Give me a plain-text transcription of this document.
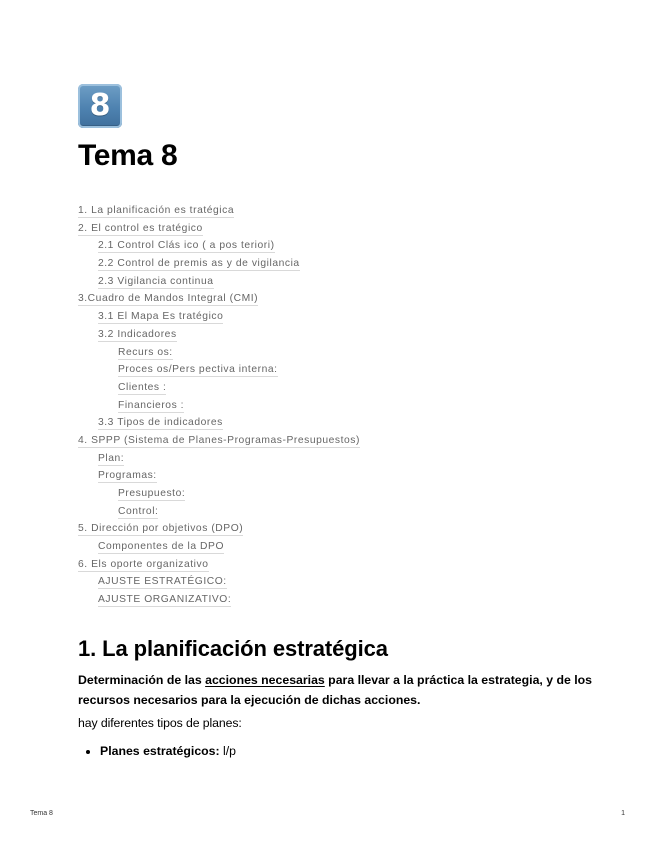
8
Tema 8
1. La planificación es tratégica
2. El control es tratégico
2.1 Control Clás ico ( a pos teriori)
2.2 Control de premis as y de vigilancia
2.3 Vigilancia continua
3.Cuadro de Mandos Integral (CMI)
3.1 El Mapa Es tratégico
3.2 Indicadores
Recurs os:
Proces os/Pers pectiva interna:
Clientes :
Financieros :
3.3 Tipos de indicadores
4. SPPP (Sistema de Planes-Programas-Presupuestos)
Plan:
Programas:
Presupuesto:
Control:
5. Dirección por objetivos (DPO)
Componentes de la DPO
6. Els oporte organizativo
AJUSTE ESTRATÉGICO:
AJUSTE ORGANIZATIVO:
1. La planificación estratégica

Determinación de las acciones necesarias para llevar a la práctica la estrategia, y de los recursos necesarios para la ejecución de dichas acciones.

hay diferentes tipos de planes:

• Planes estratégicos: l/p
Tema 8	1
